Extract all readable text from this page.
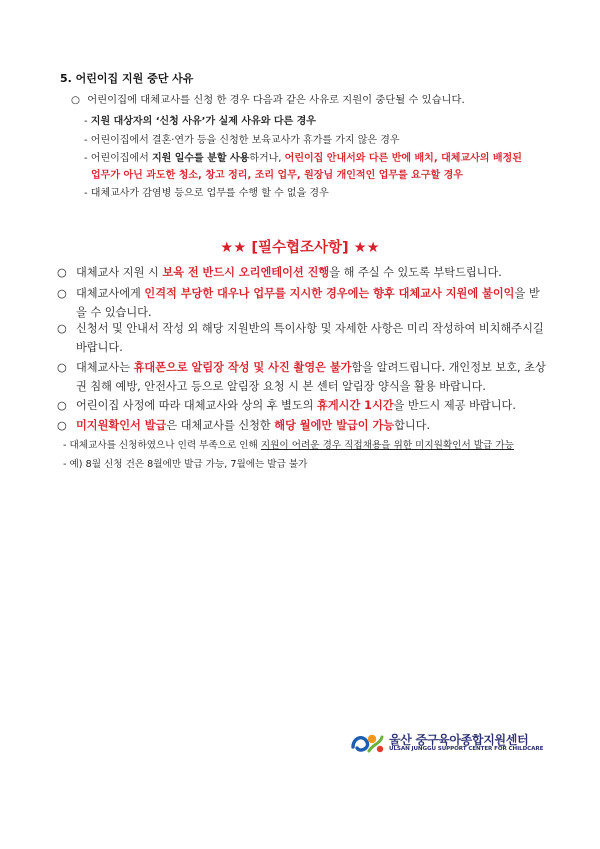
5. 어린이집 지원 중단 사유
○ 어린이집에 대체교사를 신청 한 경우 다음과 같은 사유로 지원이 중단될 수 있습니다.
- 지원 대상자의 ‘신청 사유’가 실제 사유와 다른 경우
- 어린이집에서 결혼·연가 등을 신청한 보육교사가 휴가를 가지 않은 경우
- 어린이집에서 지원 일수를 분할 사용하거나, 어린이집 안내서와 다른 반에 배치, 대체교사의 배정된
업무가 아닌 과도한 청소, 창고 정리, 조리 업무, 원장님 개인적인 업무를 요구할 경우
- 대체교사가 감염병 등으로 업무를 수행 할 수 없을 경우
★★ [필수협조사항] ★★
○ 대체교사 지원 시 보육 전 반드시 오리엔테이션 진행을 해 주실 수 있도록 부탁드립니다.
○ 대체교사에게 인격적 부당한 대우나 업무를 지시한 경우에는 향후 대체교사 지원에 불이익을 받을 수 있습니다.
○ 신청서 및 안내서 작성 외 해당 지원반의 특이사항 및 자세한 사항은 미리 작성하여 비치해주시길 바랍니다.
○ 대체교사는 휴대폰으로 알림장 작성 및 사진 촬영은 불가함을 알려드립니다. 개인정보 보호, 초상권 침해 예방, 안전사고 등으로 알림장 요청 시 본 센터 알림장 양식을 활용 바랍니다.
○ 어린이집 사정에 따라 대체교사와 상의 후 별도의 휴게시간 1시간을 반드시 제공 바랍니다.
○ 미지원확인서 발급은 대체교사를 신청한 해당 월에만 발급이 가능합니다.
- 대체교사를 신청하였으나 인력 부족으로 인해 지원이 어려운 경우 직접채용을 위한 미지원확인서 발급 가능
- 예) 8월 신청 건은 8월에만 발급 가능, 7월에는 발급 불가
울산 중구육아종합지원센터
ULSAN JUNGGU SUPPORT CENTER FOR CHILDCARE
